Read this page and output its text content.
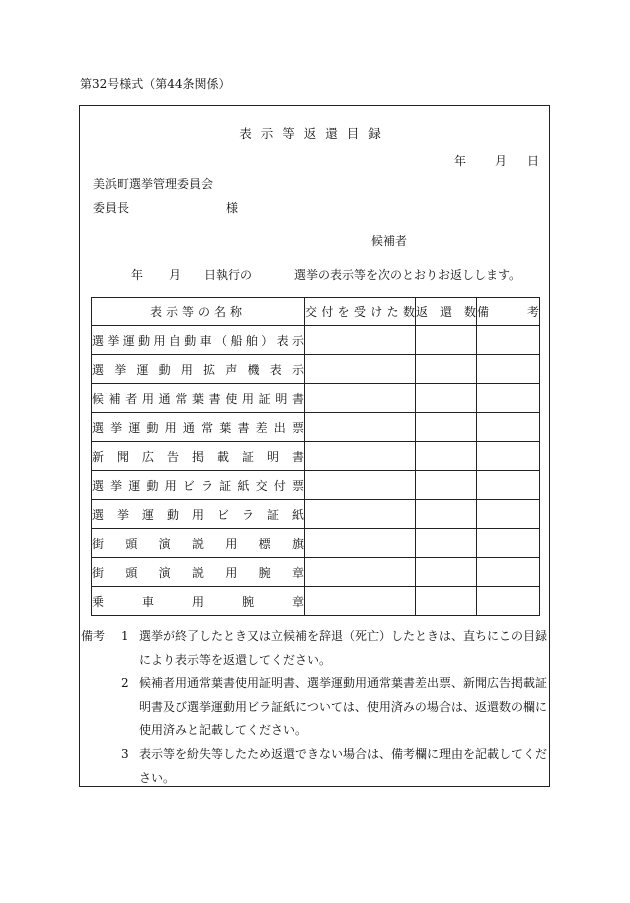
第32号様式（第44条関係）
表示等返還目録
年 月 日
美浜町選挙管理委員会
委員長	様
候補者
年 月 日執行の	選挙の表示等を次のとおりお返しします。
表示等の名称	交付を受けた数	返還数	備考
選挙運動用自動車（船舶）表示			
選挙運動用拡声機表示			
候補者用通常葉書使用証明書			
選挙運動用通常葉書差出票			
新聞広告掲載証明書			
選挙運動用ビラ証紙交付票			
選挙運動用ビラ証紙			
街頭演説用標旗			
街頭演説用腕章			
乗車用腕章			
備考 1 選挙が終了したとき又は立候補を辞退（死亡）したときは、直ちにこの目録により表示等を返還してください。
2 候補者用通常葉書使用証明書、選挙運動用通常葉書差出票、新聞広告掲載証明書及び選挙運動用ビラ証紙については、使用済みの場合は、返還数の欄に使用済みと記載してください。
3 表示等を紛失等したため返還できない場合は、備考欄に理由を記載してください。
